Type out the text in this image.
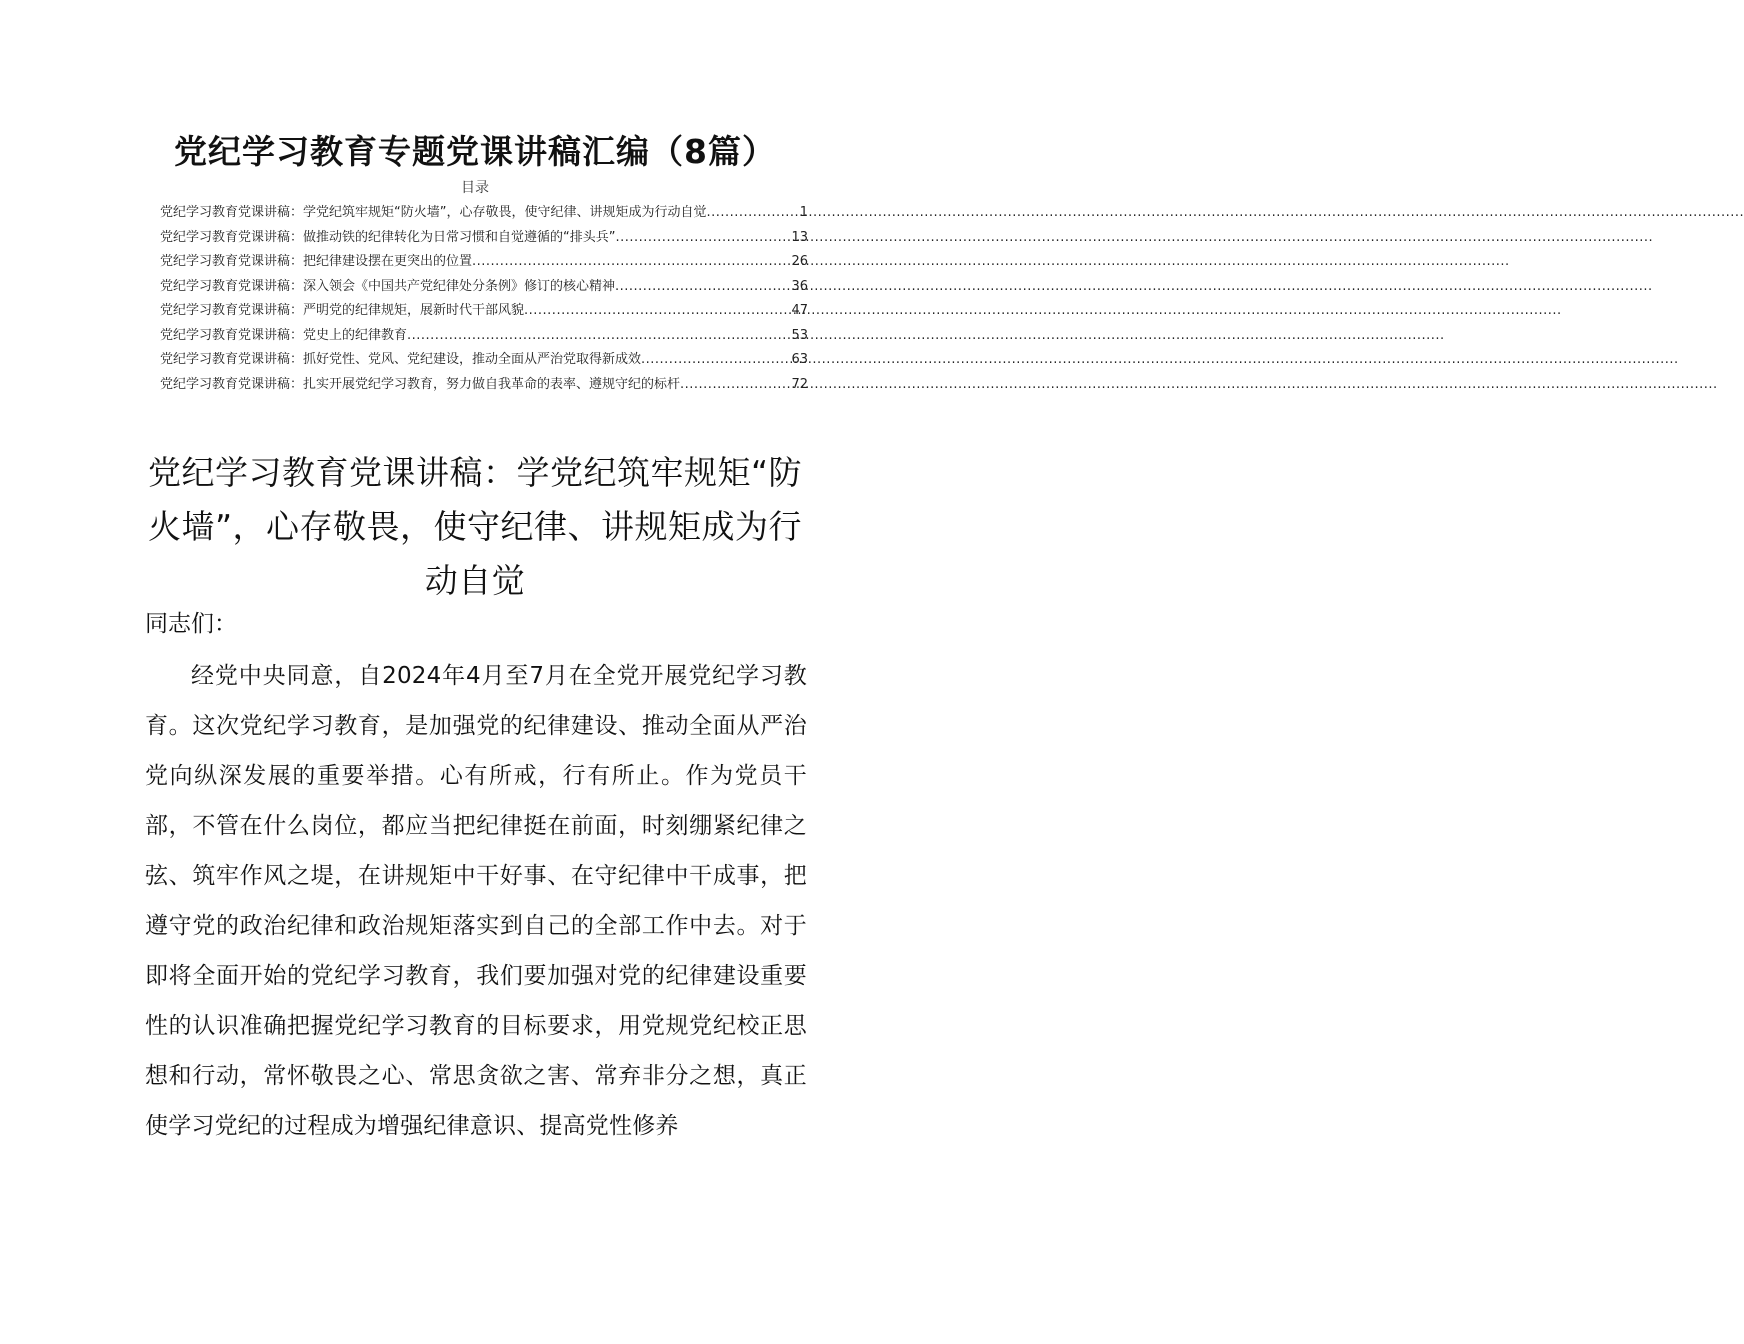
党纪学习教育专题党课讲稿汇编（8篇）
目录
党纪学习教育党课讲稿：学党纪筑牢规矩“防火墙”，心存敬畏，使守纪律、讲规矩成为行动自觉 .....	1
党纪学习教育党课讲稿：做推动铁的纪律转化为日常习惯和自觉遵循的“排头兵” .....	13
党纪学习教育党课讲稿：把纪律建设摆在更突出的位置 .....	26
党纪学习教育党课讲稿：深入领会《中国共产党纪律处分条例》修订的核心精神 .....	36
党纪学习教育党课讲稿：严明党的纪律规矩，展新时代干部风貌 .....	47
党纪学习教育党课讲稿：党史上的纪律教育 .....	53
党纪学习教育党课讲稿：抓好党性、党风、党纪建设，推动全面从严治党取得新成效 .....	63
党纪学习教育党课讲稿：扎实开展党纪学习教育，努力做自我革命的表率、遵规守纪的标杆 .....	72
党纪学习教育党课讲稿：学党纪筑牢规矩“防火墙”，心存敬畏，使守纪律、讲规矩成为行动自觉
同志们：

经党中央同意，自2024年4月至7月在全党开展党纪学习教育。这次党纪学习教育，是加强党的纪律建设、推动全面从严治党向纵深发展的重要举措。心有所戒，行有所止。作为党员干部，不管在什么岗位，都应当把纪律挺在前面，时刻绷紧纪律之弦、筑牢作风之堤，在讲规矩中干好事、在守纪律中干成事，把遵守党的政治纪律和政治规矩落实到自己的全部工作中去。对于即将全面开始的党纪学习教育，我们要加强对党的纪律建设重要性的认识准确把握党纪学习教育的目标要求，用党规党纪校正思想和行动，常怀敬畏之心、常思贪欲之害、常弃非分之想，真正使学习党纪的过程成为增强纪律意识、提高党性修养
